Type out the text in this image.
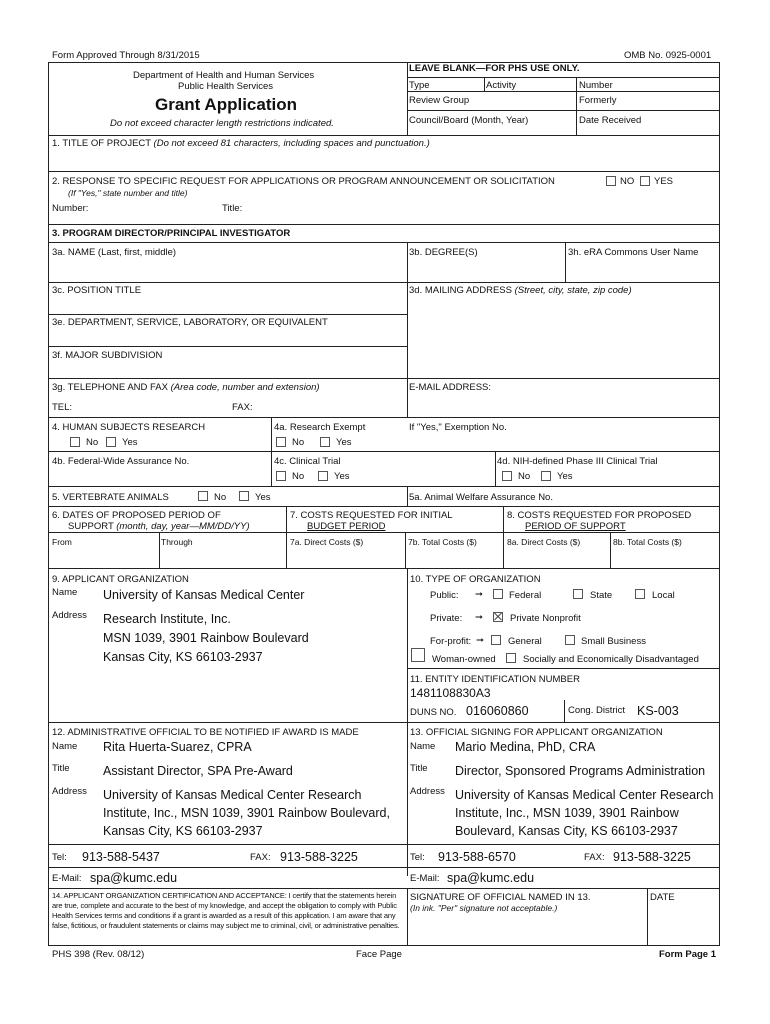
Form Approved Through 8/31/2015	OMB No. 0925-0001
Department of Health and Human Services
Public Health Services
Grant Application
Do not exceed character length restrictions indicated.
LEAVE BLANK—FOR PHS USE ONLY.
Type	Activity	Number
Review Group	Formerly
Council/Board (Month, Year)	Date Received
1. TITLE OF PROJECT (Do not exceed 81 characters, including spaces and punctuation.)
2. RESPONSE TO SPECIFIC REQUEST FOR APPLICATIONS OR PROGRAM ANNOUNCEMENT OR SOLICITATION	NO YES
(If "Yes," state number and title)
Number:	Title:
3. PROGRAM DIRECTOR/PRINCIPAL INVESTIGATOR
3a. NAME (Last, first, middle)	3b. DEGREE(S)	3h. eRA Commons User Name
3c. POSITION TITLE	3d. MAILING ADDRESS (Street, city, state, zip code)
3e. DEPARTMENT, SERVICE, LABORATORY, OR EQUIVALENT
3f. MAJOR SUBDIVISION
3g. TELEPHONE AND FAX (Area code, number and extension)	E-MAIL ADDRESS:
TEL:	FAX:
4. HUMAN SUBJECTS RESEARCH
No	Yes
4a. Research Exempt
No	Yes
If "Yes," Exemption No.
4b. Federal-Wide Assurance No.	4c. Clinical Trial
No	Yes
4d. NIH-defined Phase III Clinical Trial
No	Yes
5. VERTEBRATE ANIMALS	No	Yes	5a. Animal Welfare Assurance No.
6. DATES OF PROPOSED PERIOD OF
SUPPORT (month, day, year—MM/DD/YY)
From	Through
7. COSTS REQUESTED FOR INITIAL
BUDGET PERIOD
7a. Direct Costs ($)	7b. Total Costs ($)
8. COSTS REQUESTED FOR PROPOSED
PERIOD OF SUPPORT
8a. Direct Costs ($)	8b. Total Costs ($)
9. APPLICANT ORGANIZATION
Name University of Kansas Medical Center
Address Research Institute, Inc.
MSN 1039, 3901 Rainbow Boulevard
Kansas City, KS 66103-2937
10. TYPE OF ORGANIZATION
Public: ➞	Federal	State	Local
Private: ➞	Private Nonprofit
For-profit: ➞	General	Small Business
Woman-owned	Socially and Economically Disadvantaged
11. ENTITY IDENTIFICATION NUMBER
1481108830A3
DUNS NO. 016060860	Cong. District KS-003
12. ADMINISTRATIVE OFFICIAL TO BE NOTIFIED IF AWARD IS MADE
Name Rita Huerta-Suarez, CPRA
Title	Assistant Director, SPA Pre-Award
Address University of Kansas Medical Center Research
Institute, Inc., MSN 1039, 3901 Rainbow Boulevard,
Kansas City, KS 66103-2937
Tel: 913-588-5437	FAX: 913-588-3225
E-Mail: spa@kumc.edu
13. OFFICIAL SIGNING FOR APPLICANT ORGANIZATION
Name Mario Medina, PhD, CRA
Title Director, Sponsored Programs Administration
Address University of Kansas Medical Center Research
Institute, Inc., MSN 1039, 3901 Rainbow
Boulevard, Kansas City, KS 66103-2937
Tel: 913-588-6570	FAX: 913-588-3225
E-Mail: spa@kumc.edu
14. APPLICANT ORGANIZATION CERTIFICATION AND ACCEPTANCE: I certify that the statements herein are true, complete and accurate to the best of my knowledge, and accept the obligation to comply with Public Health Services terms and conditions if a grant is awarded as a result of this application. I am aware that any false, fictitious, or fraudulent statements or claims may subject me to criminal, civil, or administrative penalties.
SIGNATURE OF OFFICIAL NAMED IN 13.
(In ink. "Per" signature not acceptable.)
DATE
PHS 398 (Rev. 08/12)	Face Page	Form Page 1
